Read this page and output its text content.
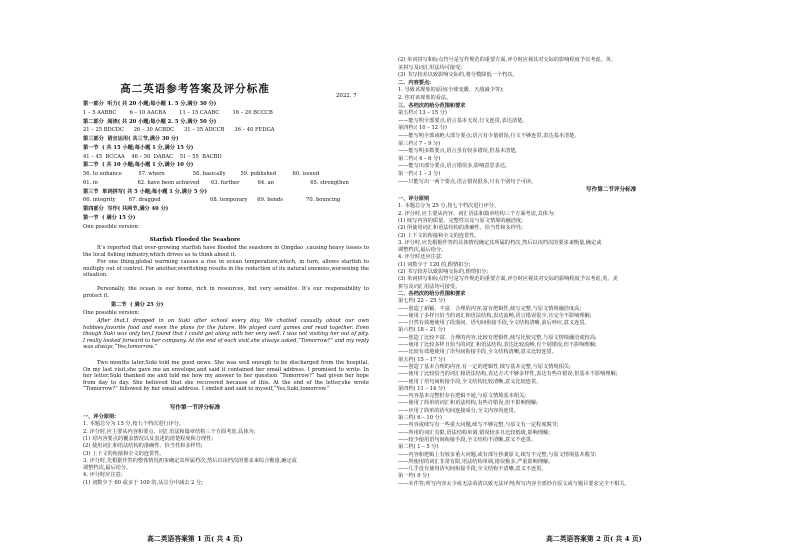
高二英语参考答案及评分标准
2022. 7
第一部分  听力( 共 20 小题;每小题 1. 5 分,满分 30 分)
1 – 5 AABBC        6 – 10 AACBA        11 – 15 CAABC        16 – 20 BCCCB
第二部分  阅读( 共 20 小题;每小题 2. 5 分,满分 50 分)
21 – 25 BDCDC      26 – 30 ACBDC      31 – 35 ADCCB      36 – 40 FEDGA
第三部分  语言运用( 共三节,满分 30 分)
第一节  ( 共 15 小题;每小题 1 分,满分 15 分)
41 – 45  BCCAA    46 – 50  DABAC    51 – 55  BACBD
第二节  ( 共 10 小题;每小题 1 分,满分 10 分)
56. to enhance          57. where                 58. basically         59. published          60. issued
61. in                        62. have been achieved       63. further           64. an                      65. strengthen
第三节  单词拼写( 共 5 小题;每小题 1 分,满分 5 分)
66. integrity        67. dragged                              68. temporary      69. bonds              70. bouncing
第四部分  写作( 共两节,满分 40 分)
第一节  ( 满分 15 分)
One possible version:
Starfish Flooded the Seashore
It’s reported that over-growing starfish have flooded the seashore in Qingdao ,causing heavy losses to the local fishing industry,which drives us to think about it.
For one thing,global warming causes a rise in ocean temperature,which, in turn, allows starfish to multiply out of control. For another,overfishing results in the reduction of its natural enemies,worsening the situation.
Personally, the ocean is our home, rich in resources, but very sensitive. It’s our responsibility to protect it.
第二节  ( 满分 25 分)
One possible version:
After that,I dropped in on Suki after school every day. We chatted casually about our own hobbies,favorite food and even the plans for the future. We played card games and read together. Even though Suki was only ten,I found that I could get along with her very well. I was not visiting her out of pity. I really looked forward to her company. At the end of each visit,she always asked,“Tomorrow?” and my reply was always,“Yes,tomorrow.”
Two months later,Suki told me good news. She was well enough to be discharged from the hospital. On my last visit,she gave me an envelope,and said it contained her email address. I promised to write. In her letter,Suki thanked me and told me how my answer to her question “Tomorrow?” had given her hope from day to day. She believed that she recovered because of this. At the end of the letter,she wrote “Tomorrow?” followed by her email address. I smiled and said to myself,“Yes,Suki,tomorrow.”
写作第一节评分标准
一、评分原则:
1. 本题总分为 15 分,按五个档次进行评分。
2. 评分时,应主要从内容和要点、词汇语法和篇章结构三个方面考虑,具体为:
(1) 对内容要点的覆盖情况以及表述的清楚程度和合理性;
(2) 使用词汇和语法结构的准确性、恰当性和多样性;
(3) 上下文的衔接和全文的连贯性。
3. 评分时,先根据作答的整体情况初步确定其所属档次,然后以该档次的要求来综合衡量,确定或
调整档次,最后给分。
4. 评分时应注意:
(1) 词数少于 60 或多于 100 的,从总分中减去 2 分;
高二英语答案第 1 页( 共 4 页)
(2) 单词拼写和标点符号是写作规范的重要方面,评分时应视其对交际的影响程度予以考虑。英、
美拼写及词汇用法均可接受;
(3) 书写较差以致影响交际的,将分数降低一个档次。
二、内容要点:
1. 导致该现象的原因(全球变暖、天敌减少等);
2. 你对该现象的看法。
三、各档次的给分范围和要求
第五档:( 13 – 15 分)
——能写明全部要点,语言基本无误,行文连贯,表达清楚。
第四档:( 10 – 12 分)
——能写明全部或绝大部分要点;语言有少量错误,行文不够连贯,表达基本清楚。
第三档:( 7 – 9 分)
——能写明多数要点,语言虽有较多错误,但基本清楚。
第二档:( 4 – 6 分)
——能写出部分要点,语言错误多,影响意思表达。
第一档:( 1 – 3 分)
——只能写出一两个要点,语言错误很多,只有个别句子可读。
写作第二节评分标准
一、评分原则
1. 本题总分为 25 分,按七个档次进行评分。
2. 评分时,应主要从内容、词汇语法和篇章结构三个方面考虑,具体为:
(1) 续写内容的质量、完整性以及与原文情境的融洽度;
(2) 所使用词汇和语法结构的准确性、恰当性和多样性;
(3) 上下文的衔接和全文的连贯性。
3. 评分时,应先根据作答的具体情况确定其所属的档次,然后以该档次的要求来衡量,确定或
调整档次,最后给分。
4. 评分时还应注意:
(1) 词数少于 120 的,酌情扣分;
(2) 书写较差以致影响交际的,酌情扣分;
(3) 单词拼写和标点符号是写作规范的重要方面,评分时应视其对交际的影响程度予以考虑,英、美
拼写及词汇用法均可接受。
二、各档次的给分范围和要求
第七档( 22 – 25 分)
——创造了新颖、丰富、合理的内容,富有逻辑性,续写完整,与原文情境融洽度高;
——使用了多样且恰当的词汇和语法结构,表达流畅,语言错误很少,且完全不影响理解;
——自然有效地使用了段落间、语句间衔接手段,全文结构清晰,前后呼应,意义连贯。
第六档( 18 – 21 分)
——创造了比较丰富、合理的内容,比较有逻辑性,续写比较完整,与原文情境融洽度较高;
——使用了比较多样且恰当的词汇和语法结构,表达比较流畅,有个别错误,但不影响理解;
——比较有效地使用了语句间衔接手段,全文结构清晰,意义比较连贯。
第五档( 15 – 17 分)
——创造了基本合理的内容,有一定的逻辑性,续写基本完整,与原文情境相关;
——使用了比较恰当的词汇和语法结构,表达方式不够多样性,表达有些许错误,但基本不影响理解;
——使用了语句间衔接手段,全文结构比较清晰,意义比较连贯。
第四档( 11 – 14 分)
——内容基本完整但存在逻辑不通,与原文情境基本相关;
——使用了简单的词汇和语法结构,有些许错误,但不影响理解;
——应用了简单的语句间连接成分,全文内容尚连贯。
第三档( 6 – 10 分)
——内容或续写有一些重大问题,续写不够完整,与原文有一定程度脱节;
——所用的词汇有限,语法结构单调,错误较多且比较低级,影响理解;
——较少使用语句间衔接手段,全文结构不清晰,意义不连贯。
第二档( 1 – 5 分)
——内容和逻辑上有较多重大问题,或有部分抄袭原文,续写不完整,与原文情境基本脱节;
——所使用的词汇非常有限,语法结构单调,错误极多,严重影响理解;
——几乎没有使用语句间衔接手段,全文结构不清晰,意义不连贯。
第一档( 0 分)
——未作答;所写内容太少或无法看清以致无法评判;所写内容全部抄自原文或与题目要求完全不相关。
高二英语答案第 2 页( 共 4 页)
